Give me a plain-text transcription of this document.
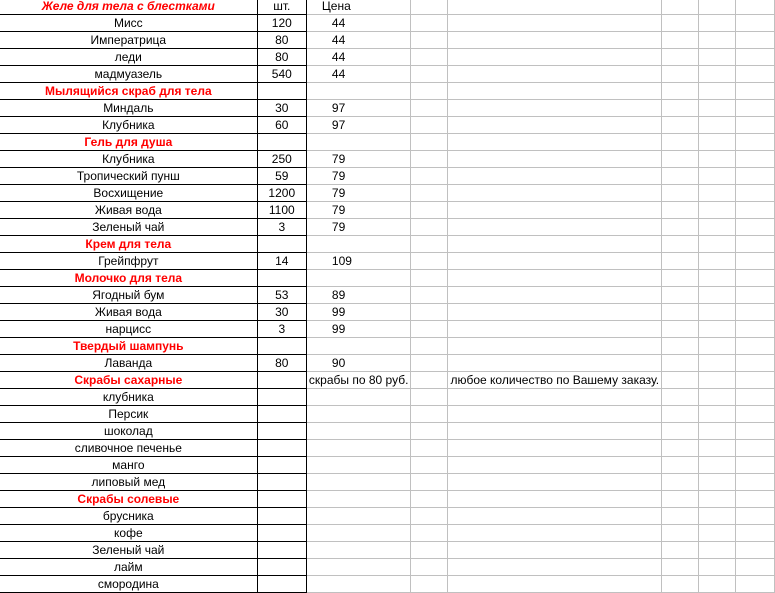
Желе для тела с блестками	шт.	Цена					
Мисс	120	44					
Императрица	80	44					
леди	80	44					
мадмуазель	540	44					
Мылящийся скраб для тела							
Миндаль	30	97					
Клубника	60	97					
Гель для душа							
Клубника	250	79					
Тропический пунш	59	79					
Восхищение	1200	79					
Живая вода	1100	79					
Зеленый чай	3	79					
Крем для тела							
Грейпфрут	14	109					
Молочко для тела							
Ягодный бум	53	89					
Живая вода	30	99					
нарцисс	3	99					
Твердый шампунь							
Лаванда	80	90					
Скрабы сахарные		скрабы по 80 руб.		любое количество по Вашему заказу.			
клубника							
Персик							
шоколад							
сливочное печенье							
манго							
липовый мед							
Скрабы солевые							
брусника							
кофе							
Зеленый чай							
лайм							
смородина							
